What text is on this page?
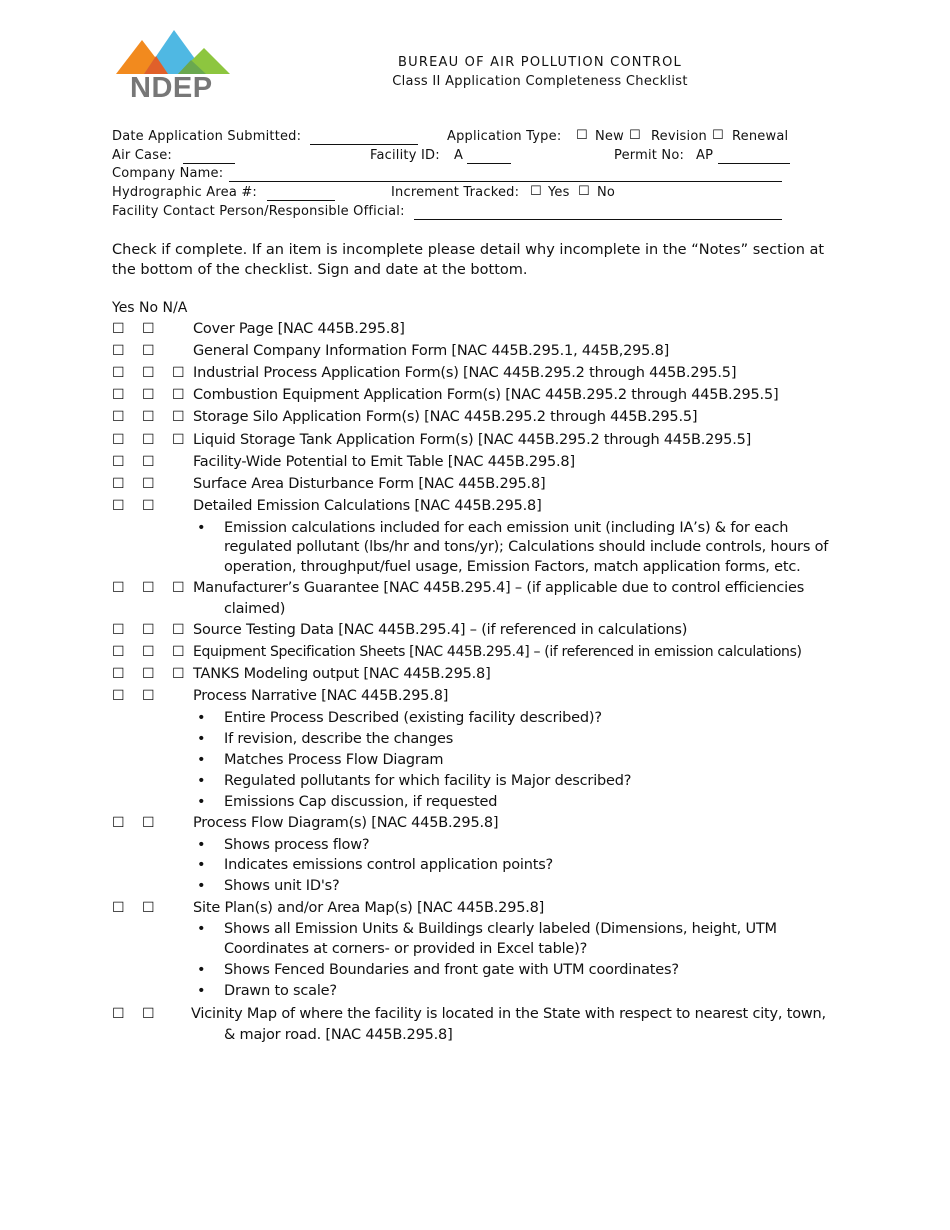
NDEP
BUREAU OF AIR POLLUTION CONTROL
Class II Application Completeness Checklist
Date Application Submitted:	Application Type: ☐ New ☐ Revision ☐ Renewal
Air Case:	Facility ID: A	Permit No: AP
Company Name:
Hydrographic Area #:	Increment Tracked: ☐ Yes ☐ No
Facility Contact Person/Responsible Official:
Check if complete. If an item is incomplete please detail why incomplete in the “Notes” section at
the bottom of the checklist. Sign and date at the bottom.
Yes No N/A
☐ ☐	Cover Page [NAC 445B.295.8]
☐ ☐	General Company Information Form [NAC 445B.295.1, 445B,295.8]
☐ ☐ ☐ Industrial Process Application Form(s) [NAC 445B.295.2 through 445B.295.5]
☐ ☐ ☐ Combustion Equipment Application Form(s) [NAC 445B.295.2 through 445B.295.5]
☐ ☐ ☐ Storage Silo Application Form(s) [NAC 445B.295.2 through 445B.295.5]
☐ ☐ ☐ Liquid Storage Tank Application Form(s) [NAC 445B.295.2 through 445B.295.5]
☐ ☐	Facility-Wide Potential to Emit Table [NAC 445B.295.8]
☐ ☐	Surface Area Disturbance Form [NAC 445B.295.8]
☐ ☐	Detailed Emission Calculations [NAC 445B.295.8]
• Emission calculations included for each emission unit (including IA’s) & for each
regulated pollutant (lbs/hr and tons/yr); Calculations should include controls, hours of
operation, throughput/fuel usage, Emission Factors, match application forms, etc.
☐ ☐ ☐ Manufacturer’s Guarantee [NAC 445B.295.4] – (if applicable due to control efficiencies
claimed)
☐ ☐ ☐ Source Testing Data [NAC 445B.295.4] – (if referenced in calculations)
☐ ☐ ☐ Equipment Specification Sheets [NAC 445B.295.4] – (if referenced in emission calculations)
☐ ☐ ☐ TANKS Modeling output [NAC 445B.295.8]
☐ ☐	Process Narrative [NAC 445B.295.8]
• Entire Process Described (existing facility described)?
• If revision, describe the changes
• Matches Process Flow Diagram
• Regulated pollutants for which facility is Major described?
• Emissions Cap discussion, if requested
☐ ☐	Process Flow Diagram(s) [NAC 445B.295.8]
• Shows process flow?
• Indicates emissions control application points?
• Shows unit ID's?
☐ ☐	Site Plan(s) and/or Area Map(s) [NAC 445B.295.8]
• Shows all Emission Units & Buildings clearly labeled (Dimensions, height, UTM
Coordinates at corners- or provided in Excel table)?
• Shows Fenced Boundaries and front gate with UTM coordinates?
• Drawn to scale?
☐ ☐	Vicinity Map of where the facility is located in the State with respect to nearest city, town,
& major road. [NAC 445B.295.8]
